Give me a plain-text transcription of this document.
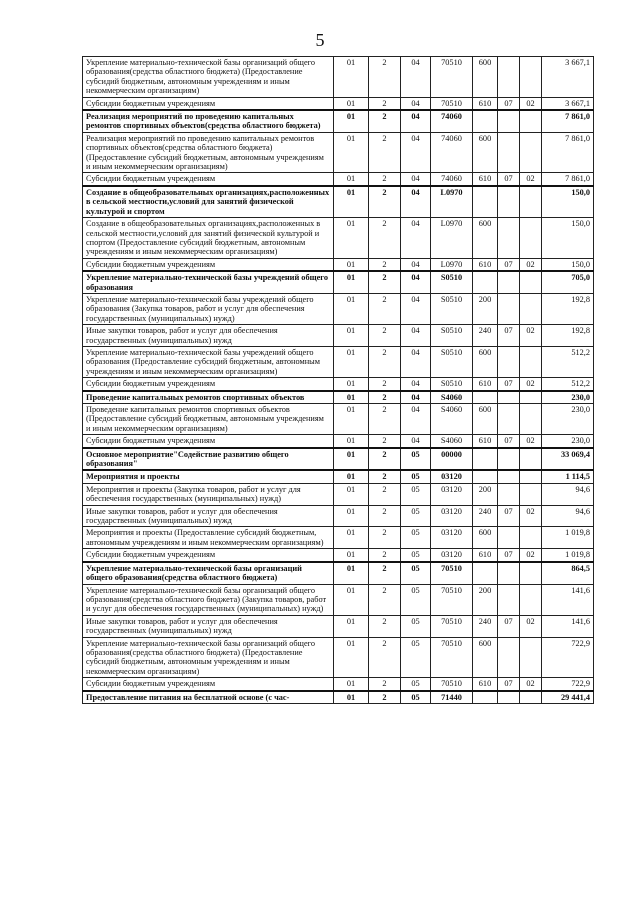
5
Укрепление материально-технической базы организаций общего образования(средства областного бюджета) (Предоставление субсидий бюджетным, автономным учреждениям и иным некоммерческим организациям)	01	2	04	70510	600			3 667,1
Субсидии бюджетным учреждениям	01	2	04	70510	610	07	02	3 667,1
Реализация мероприятий по проведению капитальных ремонтов спортивных объектов(средства областного бюджета)	01	2	04	74060				7 861,0
Реализация мероприятий по проведению капитальных ремонтов спортивных объектов(средства областного бюджета) (Предоставление субсидий бюджетным, автономным учреждениям и иным некоммерческим организациям)	01	2	04	74060	600			7 861,0
Субсидии бюджетным учреждениям	01	2	04	74060	610	07	02	7 861,0
Создание в общеобразовательных организациях,расположенных в сельской местности,условий для занятий физической культурой и спортом	01	2	04	L0970				150,0
Создание в общеобразовательных организациях,расположенных в сельской местности,условий для занятий физической культурой и спортом (Предоставление субсидий бюджетным, автономным учреждениям и иным некоммерческим организациям)	01	2	04	L0970	600			150,0
Субсидии бюджетным учреждениям	01	2	04	L0970	610	07	02	150,0
Укрепление материально-технической базы учреждений общего образования	01	2	04	S0510				705,0
Укрепление материально-технической базы учреждений общего образования (Закупка товаров, работ и услуг для обеспечения государственных (муниципальных) нужд)	01	2	04	S0510	200			192,8
Иные закупки товаров, работ и услуг для обеспечения государственных (муниципальных) нужд	01	2	04	S0510	240	07	02	192,8
Укрепление материально-технической базы учреждений общего образования (Предоставление субсидий бюджетным, автономным учреждениям и иным некоммерческим организациям)	01	2	04	S0510	600			512,2
Субсидии бюджетным учреждениям	01	2	04	S0510	610	07	02	512,2
Проведение капитальных ремонтов спортивных объектов	01	2	04	S4060				230,0
Проведение капитальных ремонтов спортивных объектов (Предоставление субсидий бюджетным, автономным учреждениям и иным некоммерческим организациям)	01	2	04	S4060	600			230,0
Субсидии бюджетным учреждениям	01	2	04	S4060	610	07	02	230,0
Основное мероприятие"Содействие развитию общего образования"	01	2	05	00000				33 069,4
Мероприятия и проекты	01	2	05	03120				1 114,5
Мероприятия и проекты (Закупка товаров, работ и услуг для обеспечения государственных (муниципальных) нужд)	01	2	05	03120	200			94,6
Иные закупки товаров, работ и услуг для обеспечения государственных (муниципальных) нужд	01	2	05	03120	240	07	02	94,6
Мероприятия и проекты (Предоставление субсидий бюджетным, автономным учреждениям и иным некоммерческим организациям)	01	2	05	03120	600			1 019,8
Субсидии бюджетным учреждениям	01	2	05	03120	610	07	02	1 019,8
Укрепление материально-технической базы организаций общего образования(средства областного бюджета)	01	2	05	70510				864,5
Укрепление материально-технической базы организаций общего образования(средства областного бюджета) (Закупка товаров, работ и услуг для обеспечения государственных (муниципальных) нужд)	01	2	05	70510	200			141,6
Иные закупки товаров, работ и услуг для обеспечения государственных (муниципальных) нужд	01	2	05	70510	240	07	02	141,6
Укрепление материально-технической базы организаций общего образования(средства областного бюджета) (Предоставление субсидий бюджетным, автономным учреждениям и иным некоммерческим организациям)	01	2	05	70510	600			722,9
Субсидии бюджетным учреждениям	01	2	05	70510	610	07	02	722,9
Предоставление питания на бесплатной основе (с час-	01	2	05	71440				29 441,4
